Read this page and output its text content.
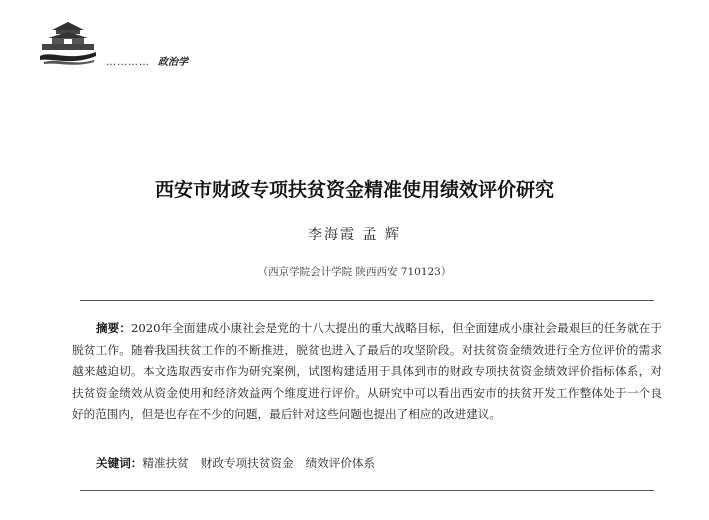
………… 政治学
西安市财政专项扶贫资金精准使用绩效评价研究
李海霞 孟 辉
（西京学院会计学院 陕西西安 710123）

摘要：2020年全面建成小康社会是党的十八大提出的重大战略目标，但全面建成小康社会最艰巨的任务就在于脱贫工作。随着我国扶贫工作的不断推进，脱贫也进入了最后的攻坚阶段。对扶贫资金绩效进行全方位评价的需求越来越迫切。本文选取西安市作为研究案例，试图构建适用于具体到市的财政专项扶贫资金绩效评价指标体系，对扶贫资金绩效从资金使用和经济效益两个维度进行评价。从研究中可以看出西安市的扶贫开发工作整体处于一个良好的范围内，但是也存在不少的问题，最后针对这些问题也提出了相应的改进建议。

关键词：精准扶贫 财政专项扶贫资金 绩效评价体系
